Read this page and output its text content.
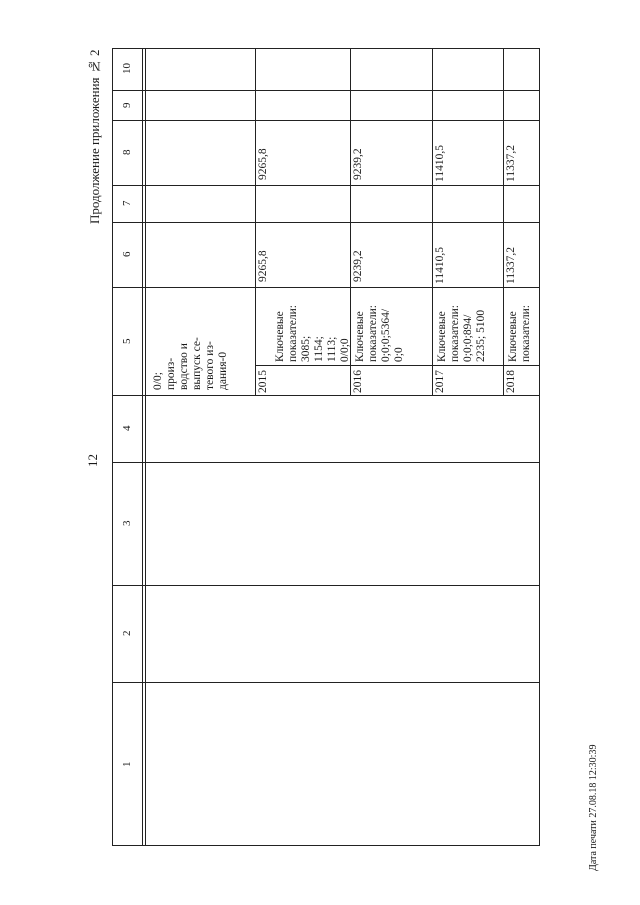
12
Продолжение приложения № 2
Дата печати 27.08.18 12:30:39
10
9
8
7
6
5
4
3
2
1
0/0; произ- водство и выпуск се- тевого из- дания-0 2015
Ключевые показатели: 3085; 1154; 1113; 0/0;0
9265,8
9265,8
2016
Ключевые показатели: 0;0;0;5364/ 0;0
9239,2
9239,2
2017
Ключевые показатели: 0;0;0;894/ 2235; 5100
11410,5
11410,5
2018
Ключевые показатели:
11337,2
11337,2
